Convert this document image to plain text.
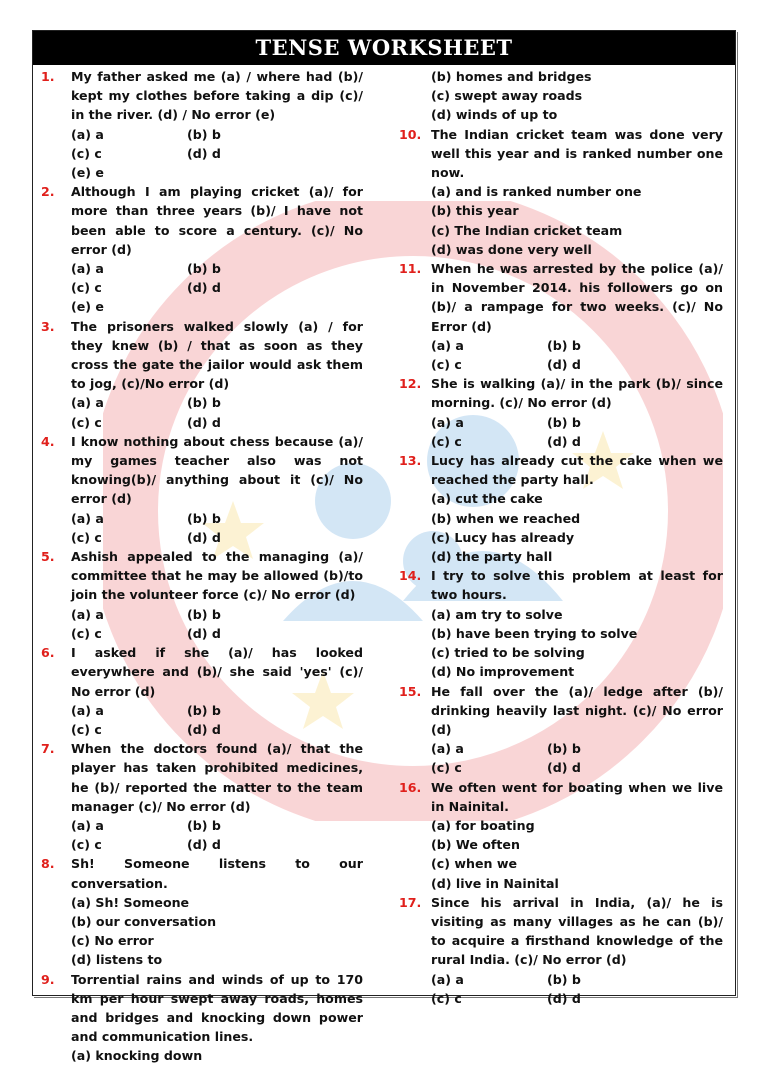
TENSE WORKSHEET
1.	My father asked me (a) / where had (b)/ kept my clothes before taking a dip (c)/ in the river. (d) / No error (e)
(a) a	(b) b
(c) c	(d) d
(e) e
2.	Although I am playing cricket (a)/ for more than three years (b)/ I have not been able to score a century. (c)/ No error (d)
(a) a	(b) b
(c) c	(d) d
(e) e
3.	The prisoners walked slowly (a) / for they knew (b) / that as soon as they cross the gate the jailor would ask them to jog, (c)/No error (d)
(a) a	(b) b
(c) c	(d) d
4.	I know nothing about chess because (a)/ my games teacher also was not knowing(b)/ anything about it (c)/ No error (d)
(a) a	(b) b
(c) c	(d) d
5.	Ashish appealed to the managing (a)/ committee that he may be allowed (b)/to join the volunteer force (c)/ No error (d)
(a) a	(b) b
(c) c	(d) d
6.	I asked if she (a)/ has looked everywhere and (b)/ she said 'yes' (c)/ No error (d)
(a) a	(b) b
(c) c	(d) d
7.	When the doctors found (a)/ that the player has taken prohibited medicines, he (b)/ reported the matter to the team manager (c)/ No error (d)
(a) a	(b) b
(c) c	(d) d
8.	Sh! Someone listens to our conversation.
(a) Sh! Someone
(b) our conversation
(c) No error
(d) listens to
9.	Torrential rains and winds of up to 170 km per hour swept away roads, homes and bridges and knocking down power and communication lines.
(a) knocking down
(b) homes and bridges
(c) swept away roads
(d) winds of up to
10. The Indian cricket team was done very well this year and is ranked number one now.
(a) and is ranked number one
(b) this year
(c) The Indian cricket team
(d) was done very well
11. When he was arrested by the police (a)/ in November 2014. his followers go on (b)/ a rampage for two weeks. (c)/ No Error (d)
(a) a	(b) b
(c) c	(d) d
12. She is walking (a)/ in the park (b)/ since morning. (c)/ No error (d)
(a) a	(b) b
(c) c	(d) d
13. Lucy has already cut the cake when we reached the party hall.
(a) cut the cake
(b) when we reached
(c) Lucy has already
(d) the party hall
14. I try to solve this problem at least for two hours.
(a) am try to solve
(b) have been trying to solve
(c) tried to be solving
(d) No improvement
15. He fall over the (a)/ ledge after (b)/ drinking heavily last night. (c)/ No error (d)
(a) a	(b) b
(c) c	(d) d
16. We often went for boating when we live in Nainital.
(a) for boating
(b) We often
(c) when we
(d) live in Nainital
17. Since his arrival in India, (a)/ he is visiting as many villages as he can (b)/ to acquire a firsthand knowledge of the rural India. (c)/ No error (d)
(a) a	(b) b
(c) c	(d) d
